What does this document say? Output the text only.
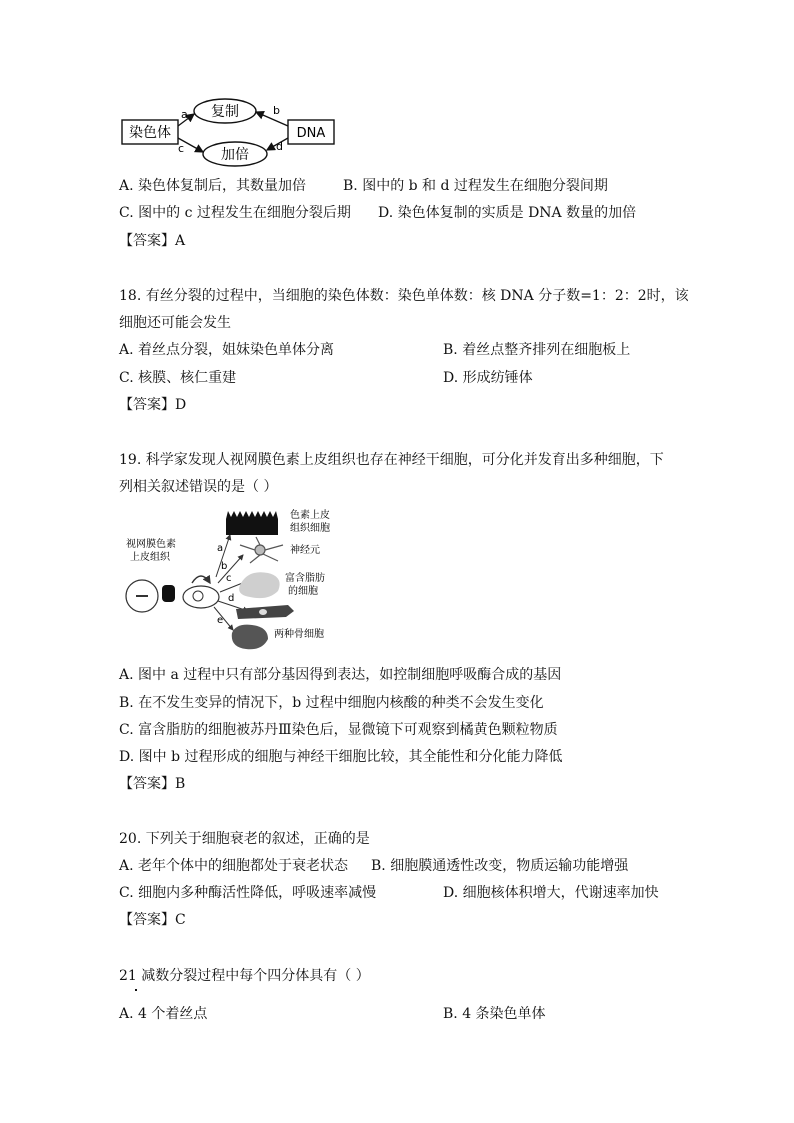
染色体
复制
加倍
DNA
a	b
c	d
A. 染色体复制后，其数量加倍	B. 图中的 b 和 d 过程发生在细胞分裂间期
C. 图中的 c 过程发生在细胞分裂后期 D. 染色体复制的实质是 DNA 数量的加倍
【答案】A
18. 有丝分裂的过程中，当细胞的染色体数：染色单体数：核 DNA 分子数=1：2：2时，该
细胞还可能会发生
A. 着丝点分裂，姐妹染色单体分离	B. 着丝点整齐排列在细胞板上
C. 核膜、核仁重建	D. 形成纺锤体
【答案】D
19. 科学家发现人视网膜色素上皮组织也存在神经干细胞，可分化并发育出多种细胞，下
列相关叙述错误的是（ ）
视网膜色素
上皮组织
a
b
c
d
e
色素上皮
组织细胞
神经元
富含脂肪
的细胞
两种骨细胞
A. 图中 a 过程中只有部分基因得到表达，如控制细胞呼吸酶合成的基因
B. 在不发生变异的情况下，b 过程中细胞内核酸的种类不会发生变化
C. 富含脂肪的细胞被苏丹Ⅲ染色后，显微镜下可观察到橘黄色颗粒物质
D. 图中 b 过程形成的细胞与神经干细胞比较，其全能性和分化能力降低
【答案】B
20. 下列关于细胞衰老的叙述，正确的是
A. 老年个体中的细胞都处于衰老状态 B. 细胞膜通透性改变，物质运输功能增强
C. 细胞内多种酶活性降低，呼吸速率减慢	D. 细胞核体积增大，代谢速率加快
【答案】C
21 减数分裂过程中每个四分体具有（ ）
A. 4 个着丝点	B. 4 条染色单体
